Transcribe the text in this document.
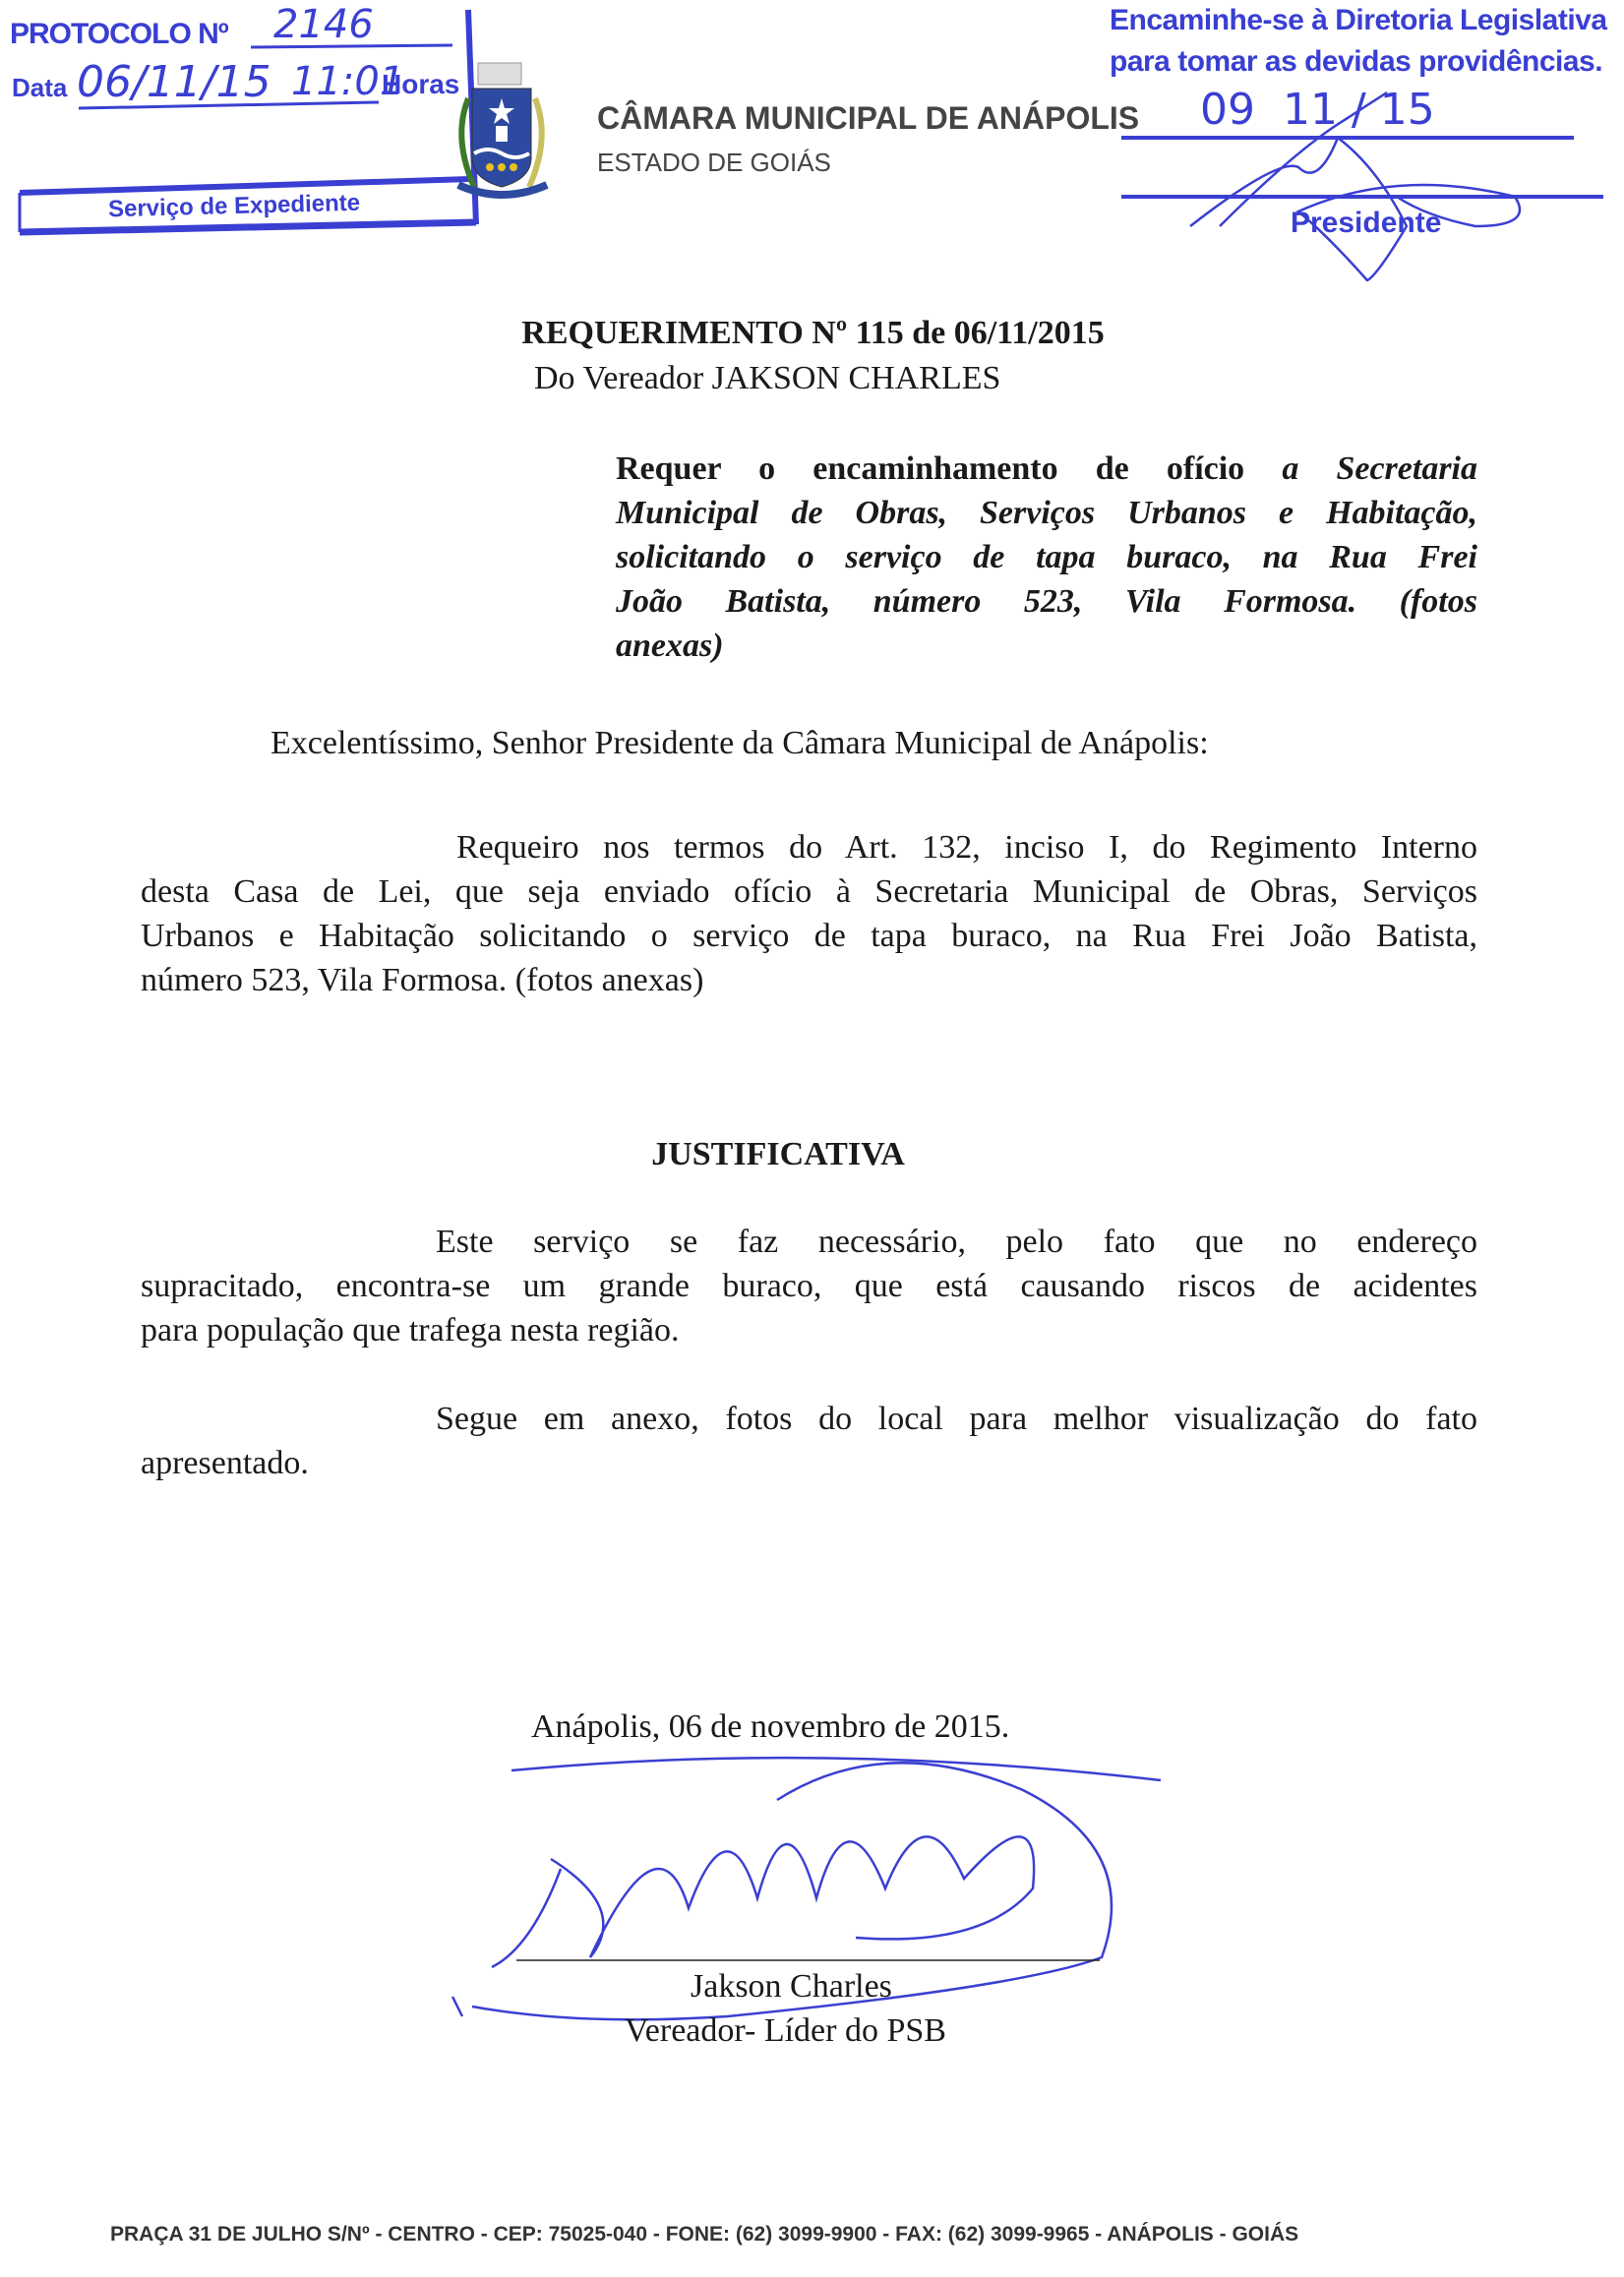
PROTOCOLO Nº 2146
Data 06/11/15 11:01
Horas
Serviço de Expediente
CÂMARA MUNICIPAL DE ANÁPOLIS
ESTADO DE GOIÁS
Encaminhe-se à Diretoria Legislativa
para tomar as devidas providências.
09  11 / 15
Presidente
REQUERIMENTO Nº 115 de 06/11/2015
Do Vereador JAKSON CHARLES
Requer o encaminhamento de ofício a Secretaria
Municipal de Obras, Serviços Urbanos e Habitação,
solicitando o serviço de tapa buraco, na Rua Frei
João Batista, número 523, Vila Formosa. (fotos
anexas)
Excelentíssimo, Senhor Presidente da Câmara Municipal de Anápolis:
Requeiro nos termos do Art. 132, inciso I, do Regimento Interno
desta Casa de Lei, que seja enviado ofício à Secretaria Municipal de Obras, Serviços
Urbanos e Habitação solicitando o serviço de tapa buraco, na Rua Frei João Batista,
número 523, Vila Formosa. (fotos anexas)
JUSTIFICATIVA
Este serviço se faz necessário, pelo fato que no endereço
supracitado, encontra-se um grande buraco, que está causando riscos de acidentes
para população que trafega nesta região.
Segue em anexo, fotos do local para melhor visualização do fato
apresentado.
Anápolis, 06 de novembro de 2015.
Jakson Charles
Vereador- Líder do PSB
PRAÇA 31 DE JULHO S/Nº - CENTRO - CEP: 75025-040 - FONE: (62) 3099-9900 - FAX: (62) 3099-9965 - ANÁPOLIS - GOIÁS
